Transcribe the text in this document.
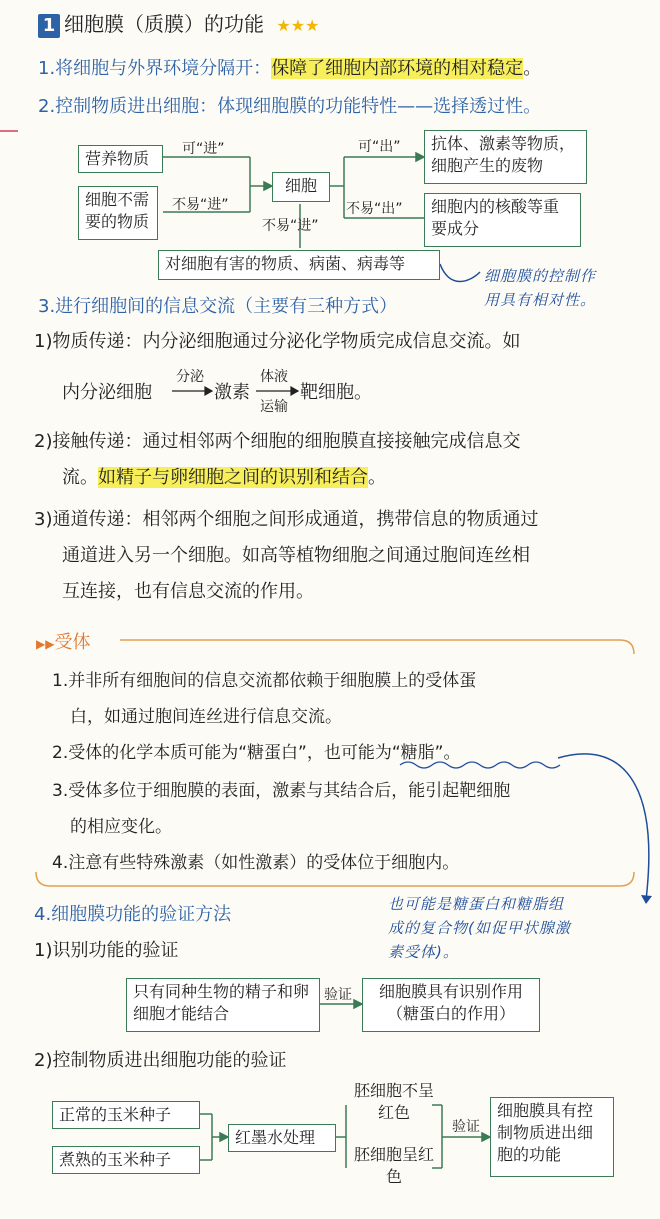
1 细胞膜（质膜）的功能 ★★★
1.将细胞与外界环境分隔开：保障了细胞内部环境的相对稳定。
2.控制物质进出细胞：体现细胞膜的功能特性——选择透过性。
营养物质
细胞不需要的物质
细胞
抗体、激素等物质，细胞产生的废物
细胞内的核酸等重要成分
对细胞有害的物质、病菌、病毒等
可“进”
不易“进”
可“出”
不易“出”
不易“进”
细胞膜的控制作
用具有相对性。
3.进行细胞间的信息交流（主要有三种方式）
1)物质传递：内分泌细胞通过分泌化学物质完成信息交流。如
内分泌细胞
分泌
激素
体液
运输
靶细胞。
2)接触传递：通过相邻两个细胞的细胞膜直接接触完成信息交
流。如精子与卵细胞之间的识别和结合。
3)通道传递：相邻两个细胞之间形成通道，携带信息的物质通过
通道进入另一个细胞。如高等植物细胞之间通过胞间连丝相
互连接，也有信息交流的作用。
▶▶受体
1.并非所有细胞间的信息交流都依赖于细胞膜上的受体蛋
白，如通过胞间连丝进行信息交流。
2.受体的化学本质可能为“糖蛋白”，也可能为“糖脂”。
3.受体多位于细胞膜的表面，激素与其结合后，能引起靶细胞
的相应变化。
4.注意有些特殊激素（如性激素）的受体位于细胞内。
4.细胞膜功能的验证方法	也可能是糖蛋白和糖脂组
成的复合物(如促甲状腺激
素受体)。
1)识别功能的验证
只有同种生物的精子和卵细胞才能结合
验证	细胞膜具有识别作用
（糖蛋白的作用）
2)控制物质进出细胞功能的验证
正常的玉米种子
煮熟的玉米种子
红墨水处理
胚细胞不呈红色
胚细胞呈红色
验证
细胞膜具有控制物质进出细胞的功能
